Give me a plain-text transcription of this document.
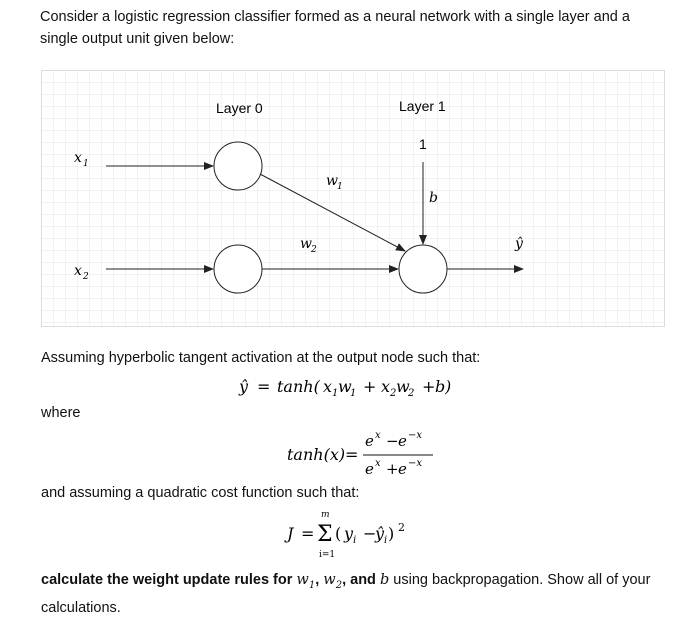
Consider a logistic regression classifier formed as a neural network with a single layer and a single output unit given below:

Layer 0	Layer 1
1
x 1
x 2
w 1
w 2
b
ŷ

Assuming hyperbolic tangent activation at the output node such that:

ŷ = tanh( x 1 w
1 + x 2 w
2 + b )

where

tanh(x) =
e x − e −x
e x + e −x

and assuming a quadratic cost function such that:

J =
m
Σ
i=1
( y i −
ŷ i ) 2

calculate the weight update rules for $w_1$, $w_2$, and b using backpropagation. Show all of your calculations.
